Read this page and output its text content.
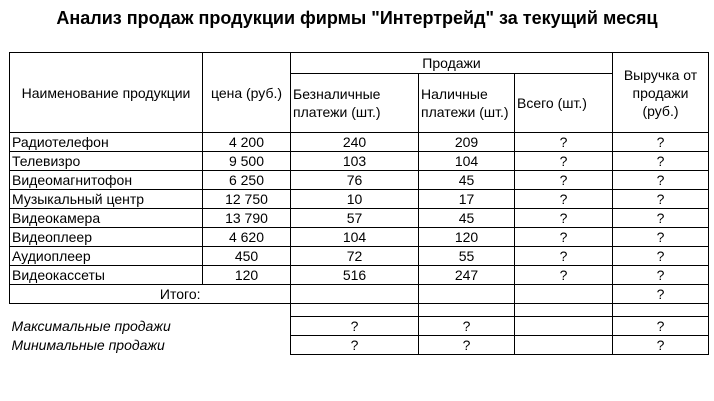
Анализ продаж продукции фирмы "Интертрейд" за текущий месяц
Наименование продукции	цена (руб.)	Продажи			Выручка от продажи (руб.)
		Безналичные платежи (шт.)	Наличные платежи (шт.)	Всего (шт.)	
Радиотелефон	4 200	240	209	?	?
Телевизро	9 500	103	104	?	?
Видеомагнитофон	6 250	76	45	?	?
Музыкальный центр	12 750	10	17	?	?
Видеокамера	13 790	57	45	?	?
Видеоплеер	4 620	104	120	?	?
Аудиоплеер	450	72	55	?	?
Видеокассеты	120	516	247	?	?
Итого:					?

Максимальные продажи		?	?		?
Минимальные продажи		?	?		?
